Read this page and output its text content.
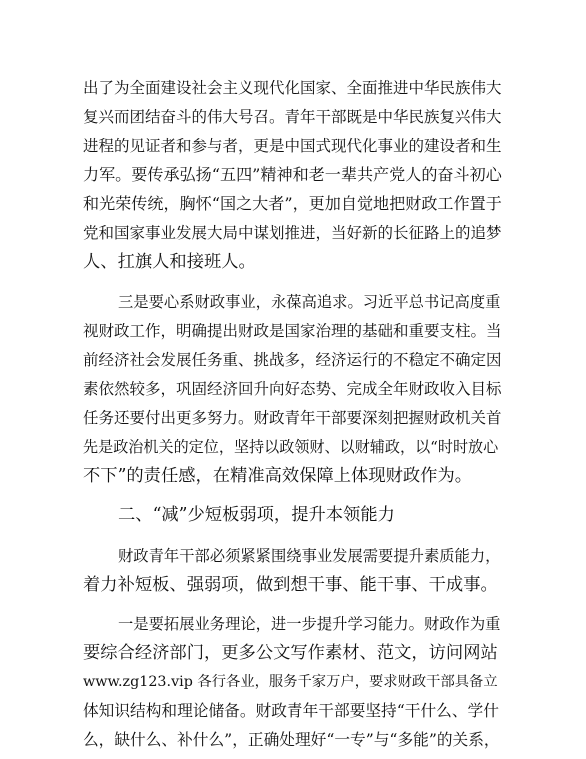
出了为全面建设社会主义现代化国家、全面推进中华民族伟大
复兴而团结奋斗的伟大号召。青年干部既是中华民族复兴伟大
进程的见证者和参与者，更是中国式现代化事业的建设者和生
力军。要传承弘扬“五四”精神和老一辈共产党人的奋斗初心
和光荣传统，胸怀“国之大者”，更加自觉地把财政工作置于
党和国家事业发展大局中谋划推进，当好新的长征路上的追梦
人、扛旗人和接班人。
三是要心系财政事业，永葆高追求。习近平总书记高度重
视财政工作，明确提出财政是国家治理的基础和重要支柱。当
前经济社会发展任务重、挑战多，经济运行的不稳定不确定因
素依然较多，巩固经济回升向好态势、完成全年财政收入目标
任务还要付出更多努力。财政青年干部要深刻把握财政机关首
先是政治机关的定位，坚持以政领财、以财辅政，以“时时放心
不下”的责任感，在精准高效保障上体现财政作为。
二、“减”少短板弱项，提升本领能力
财政青年干部必须紧紧围绕事业发展需要提升素质能力，
着力补短板、强弱项，做到想干事、能干事、干成事。
一是要拓展业务理论，进一步提升学习能力。财政作为重
要综合经济部门，更多公文写作素材、范文，访问网站
www.zg123.vip 各行各业，服务千家万户，要求财政干部具备立
体知识结构和理论储备。财政青年干部要坚持“干什么、学什
么，缺什么、补什么”，正确处理好“一专”与“多能”的关系，
